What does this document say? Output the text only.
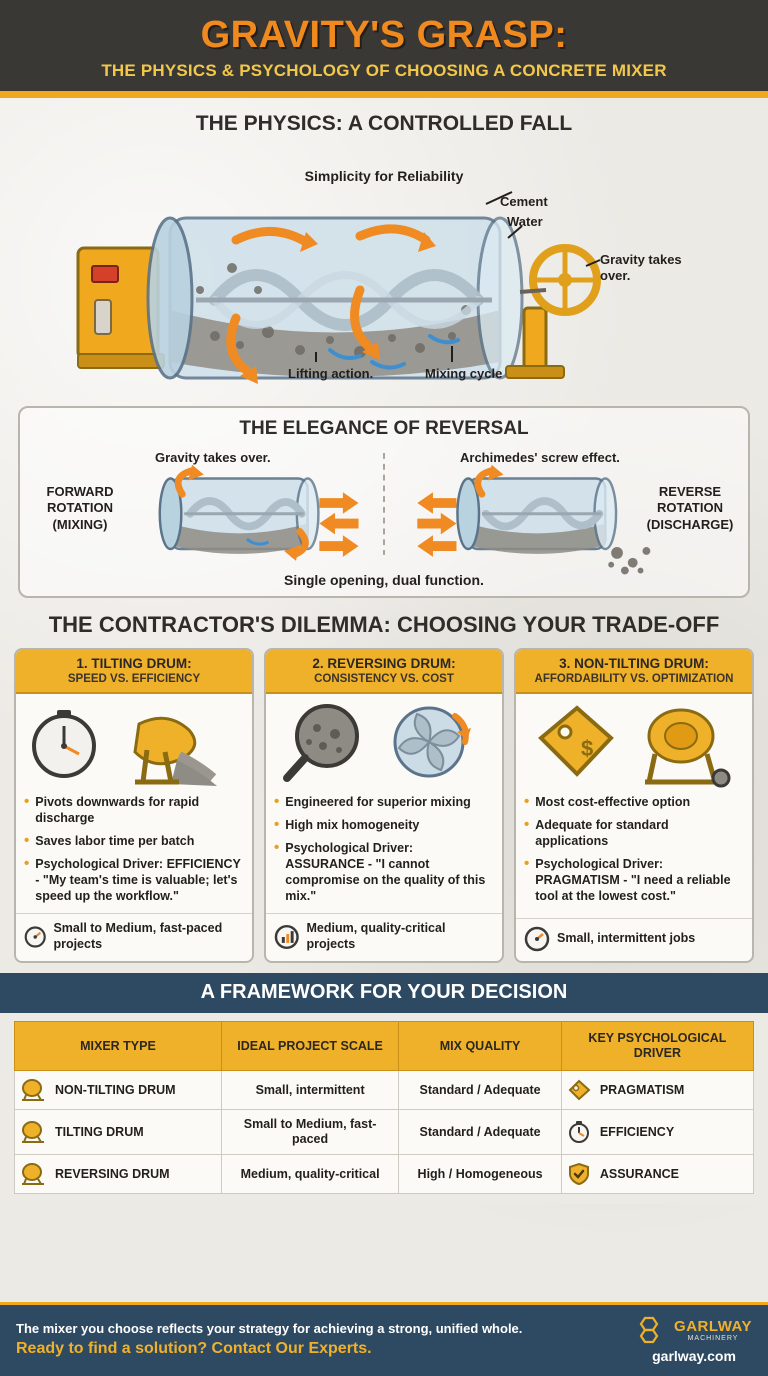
GRAVITY'S GRASP:
THE PHYSICS & PSYCHOLOGY OF CHOOSING A CONCRETE MIXER
THE PHYSICS: A CONTROLLED FALL
Simplicity for Reliability
Cement
Water
Gravity takes over.
Lifting action.	Mixing cycle
THE ELEGANCE OF REVERSAL
Gravity takes over.	Archimedes' screw effect.
FORWARD ROTATION (MIXING)
REVERSE ROTATION (DISCHARGE)
Single opening, dual function.
THE CONTRACTOR'S DILEMMA: CHOOSING YOUR TRADE-OFF
1. TILTING DRUM:
SPEED VS. EFFICIENCY
• Pivots downwards for rapid discharge
• Saves labor time per batch
• Psychological Driver: EFFICIENCY - "My team's time is valuable; let's speed up the workflow."
Small to Medium, fast-paced projects
2. REVERSING DRUM:
CONSISTENCY VS. COST
• Engineered for superior mixing
• High mix homogeneity
• Psychological Driver: ASSURANCE - "I cannot compromise on the quality of this mix."
Medium, quality-critical projects
3. NON-TILTING DRUM:
AFFORDABILITY VS. OPTIMIZATION
$
• Most cost-effective option
• Adequate for standard applications
• Psychological Driver: PRAGMATISM - "I need a reliable tool at the lowest cost."
Small, intermittent jobs
A FRAMEWORK FOR YOUR DECISION
MIXER TYPE	IDEAL PROJECT SCALE	MIX QUALITY	KEY PSYCHOLOGICAL DRIVER

NON-TILTING DRUM	Small, intermittent	Standard / Adequate	PRAGMATISM

TILTING DRUM	Small to Medium, fast-paced	Standard / Adequate	EFFICIENCY

REVERSING DRUM	Medium, quality-critical	High / Homogeneous	ASSURANCE
The mixer you choose reflects your strategy for achieving a strong, unified whole.
Ready to find a solution? Contact Our Experts.
GARLWAY
MACHINERY
garlway.com
